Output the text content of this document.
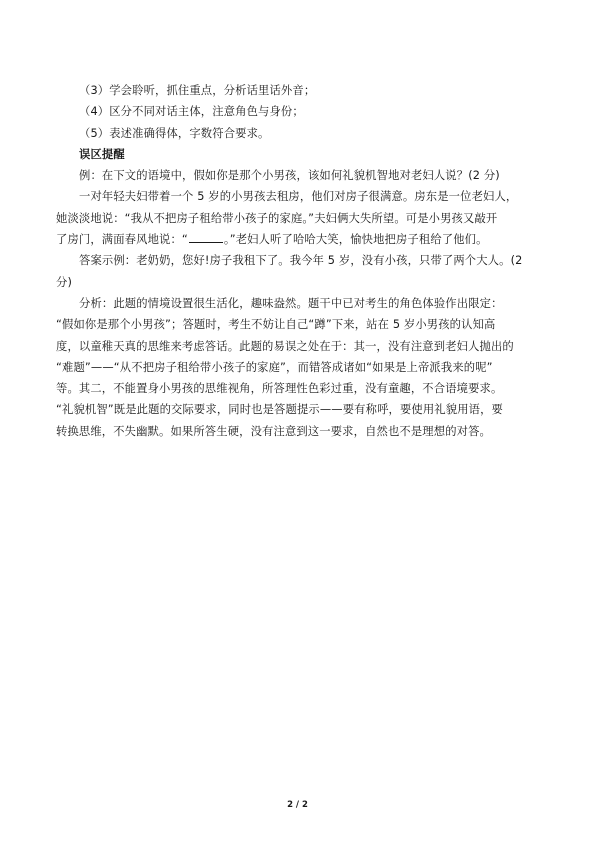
（3）学会聆听，抓住重点，分析话里话外音；
（4）区分不同对话主体，注意角色与身份；
（5）表述准确得体，字数符合要求。
误区提醒
例：在下文的语境中，假如你是那个小男孩，该如何礼貌机智地对老妇人说？(2 分)
一对年轻夫妇带着一个 5 岁的小男孩去租房，他们对房子很满意。房东是一位老妇人，
她淡淡地说：“我从不把房子租给带小孩子的家庭。”夫妇俩大失所望。可是小男孩又敲开
了房门，满面春风地说：“	。”老妇人听了哈哈大笑，愉快地把房子租给了他们。
答案示例：老奶奶，您好!房子我租下了。我今年 5 岁，没有小孩，只带了两个大人。(2
分)
分析：此题的情境设置很生活化，趣味盎然。题干中已对考生的角色体验作出限定：
“假如你是那个小男孩”；答题时，考生不妨让自己“蹲”下来，站在 5 岁小男孩的认知高
度，以童稚天真的思维来考虑答话。此题的易误之处在于：其一，没有注意到老妇人抛出的
“难题”——“从不把房子租给带小孩子的家庭”，而错答成诸如“如果是上帝派我来的呢”
等。其二，不能置身小男孩的思维视角，所答理性色彩过重，没有童趣，不合语境要求。
“礼貌机智”既是此题的交际要求，同时也是答题提示——要有称呼，要使用礼貌用语，要
转换思维，不失幽默。如果所答生硬，没有注意到这一要求，自然也不是理想的对答。
2 / 2
